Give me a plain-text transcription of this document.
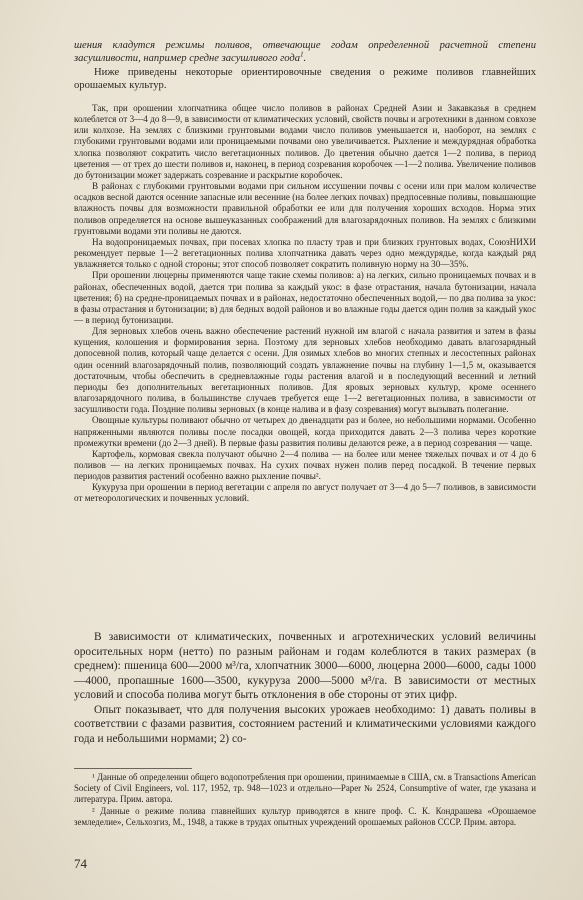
шения кладутся режимы поливов, отвечающие годам определенной расчетной степени засушливости, например средне засушливого года$^1$.

Ниже приведены некоторые ориентировочные сведения о режиме поливов главнейших орошаемых культур.

Так, при орошении хлопчатника общее число поливов в районах Средней Азии и Закавказья в среднем колеблется от 3—4 до 8—9, в зависимости от климатических условий, свойств почвы и агротехники в данном совхозе или колхозе. На землях с близкими грунтовыми водами число поливов уменьшается и, наоборот, на землях с глубокими грунтовыми водами или проницаемыми почвами оно увеличивается. Рыхление и междурядная обработка хлопка позволяют сократить число вегетационных поливов. До цветения обычно дается 1—2 полива, в период цветения — от трех до шести поливов и, наконец, в период созревания коробочек —1—2 полива. Увеличение поливов до бутонизации может задержать созревание и раскрытие коробочек.

В районах с глубокими грунтовыми водами при сильном иссушении почвы с осени или при малом количестве осадков весной даются осенние запасные или весенние (на более легких почвах) предпосевные поливы, повышающие влажность почвы для возможности правильной обработки ее или для получения хороших всходов. Норма этих поливов определяется на основе вышеуказанных соображений для влагозарядочных поливов. На землях с близкими грунтовыми водами эти поливы не даются.

На водопроницаемых почвах, при посевах хлопка по пласту трав и при близких грунтовых водах, СоюзНИХИ рекомендует первые 1—2 вегетационных полива хлопчатника давать через одно междурядье, когда каждый ряд увлажняется только с одной стороны; этот способ позволяет сократить поливную норму на 30—35%.

При орошении люцерны применяются чаще такие схемы поливов: а) на легких, сильно проницаемых почвах и в районах, обеспеченных водой, дается три полива за каждый укос: в фазе отрастания, начала бутонизации, начала цветения; б) на средне-проницаемых почвах и в районах, недостаточно обеспеченных водой,— по два полива за укос: в фазы отрастания и бутонизации; в) для бедных водой районов и во влажные годы дается один полив за каждый укос — в период бутонизации.

Для зерновых хлебов очень важно обеспечение растений нужной им влагой с начала развития и затем в фазы кущения, колошения и формирования зерна. Поэтому для зерновых хлебов необходимо давать влагозарядный допосевной полив, который чаще делается с осени. Для озимых хлебов во многих степных и лесостепных районах один осенний влагозарядочный полив, позволяющий создать увлажнение почвы на глубину 1—1,5 м, оказывается достаточным, чтобы обеспечить в средневлажные годы растения влагой и в последующий весенний и летний периоды без дополнительных вегетационных поливов. Для яровых зерновых культур, кроме осеннего влагозарядочного полива, в большинстве случаев требуется еще 1—2 вегетационных полива, в зависимости от засушливости года. Поздние поливы зерновых (в конце налива и в фазу созревания) могут вызывать полегание.

Овощные культуры поливают обычно от четырех до двенадцати раз и более, но небольшими нормами. Особенно напряженными являются поливы после посадки овощей, когда приходится давать 2—3 полива через короткие промежутки времени (до 2—3 дней). В первые фазы развития поливы делаются реже, а в период созревания — чаще.

Картофель, кормовая свекла получают обычно 2—4 полива — на более или менее тяжелых почвах и от 4 до 6 поливов — на легких проницаемых почвах. На сухих почвах нужен полив перед посадкой. В течение первых периодов развития растений особенно важно рыхление почвы².

Кукуруза при орошении в период вегетации с апреля по август получает от 3—4 до 5—7 поливов, в зависимости от метеорологических и почвенных условий.

В зависимости от климатических, почвенных и агротехнических условий величины оросительных норм (нетто) по разным районам и годам колеблются в таких размерах (в среднем): пшеница 600—2000 м³/га, хлопчатник 3000—6000, люцерна 2000—6000, сады 1000—4000, пропашные 1600—3500, кукуруза 2000—5000 м³/га. В зависимости от местных условий и способа полива могут быть отклонения в обе стороны от этих цифр.

Опыт показывает, что для получения высоких урожаев необходимо: 1) давать поливы в соответствии с фазами развития, состоянием растений и климатическими условиями каждого года и небольшими нормами; 2) со-

¹ Данные об определении общего водопотребления при орошении, принимаемые в США, см. в Transactions American Society of Civil Engineers, vol. 117, 1952, тр. 948—1023 и отдельно—Paper № 2524, Consumptive of water, где указана и литература. Прим. автора.

² Данные о режиме полива главнейших культур приводятся в книге проф. С. К. Кондрашева «Орошаемое земледелие», Сельхозгиз, М., 1948, а также в трудах опытных учреждений орошаемых районов СССР. Прим. автора.

74
